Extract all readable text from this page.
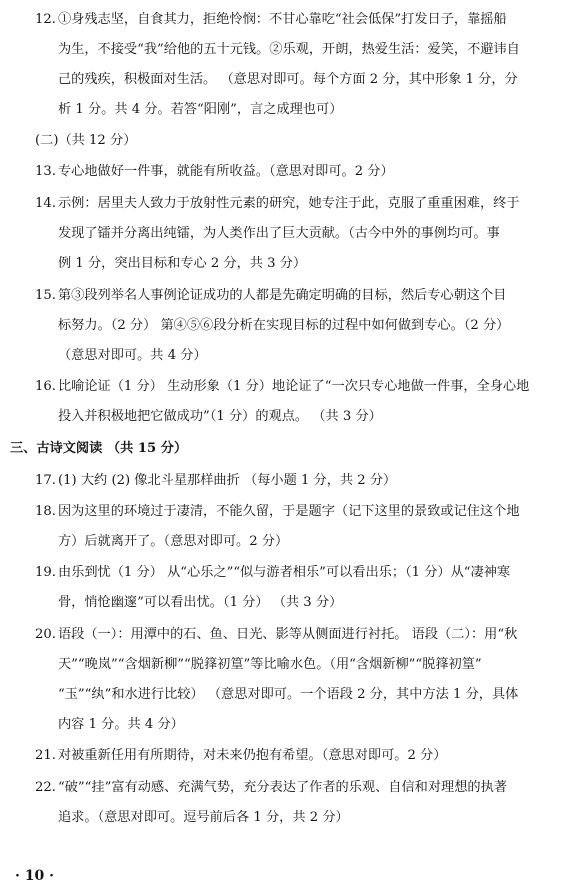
12. ①身残志坚，自食其力，拒绝怜悯：不甘心靠吃“社会低保”打发日子，靠摇船
为生，不接受“我”给他的五十元钱。②乐观，开朗，热爱生活：爱笑，不避讳自
己的残疾，积极面对生活。 （意思对即可。每个方面 2 分，其中形象 1 分，分
析 1 分。共 4 分。若答“阳刚”，言之成理也可）
(二)（共 12 分）
13. 专心地做好一件事，就能有所收益。（意思对即可。2 分）
14. 示例：居里夫人致力于放射性元素的研究，她专注于此，克服了重重困难，终于
发现了镭并分离出纯镭，为人类作出了巨大贡献。（古今中外的事例均可。事
例 1 分，突出目标和专心 2 分，共 3 分）
15. 第③段列举名人事例论证成功的人都是先确定明确的目标，然后专心朝这个目
标努力。（2 分） 第④⑤⑥段分析在实现目标的过程中如何做到专心。（2 分）
（意思对即可。共 4 分）
16. 比喻论证（1 分） 生动形象（1 分）地论证了“一次只专心地做一件事，全身心地
投入并积极地把它做成功”（1 分）的观点。 （共 3 分）
三、古诗文阅读 （共 15 分）
17. (1) 大约 (2) 像北斗星那样曲折 （每小题 1 分，共 2 分）
18. 因为这里的环境过于凄清，不能久留，于是题字（记下这里的景致或记住这个地
方）后就离开了。（意思对即可。2 分）
19. 由乐到忧（1 分） 从“心乐之”“似与游者相乐”可以看出乐；（1 分）从“凄神寒
骨，悄怆幽邃”可以看出忧。（1 分） （共 3 分）
20. 语段（一）：用潭中的石、鱼、日光、影等从侧面进行衬托。 语段（二）：用“秋
天”“晚岚”“含烟新柳”“脱箨初篁”等比喻水色。（用“含烟新柳”“脱箨初篁”
“玉”“纨”和水进行比较） （意思对即可。一个语段 2 分，其中方法 1 分，具体
内容 1 分。共 4 分）
21. 对被重新任用有所期待，对未来仍抱有希望。（意思对即可。2 分）
22. “破”“挂”富有动感、充满气势，充分表达了作者的乐观、自信和对理想的执著
追求。（意思对即可。逗号前后各 1 分，共 2 分）
· 10 ·
